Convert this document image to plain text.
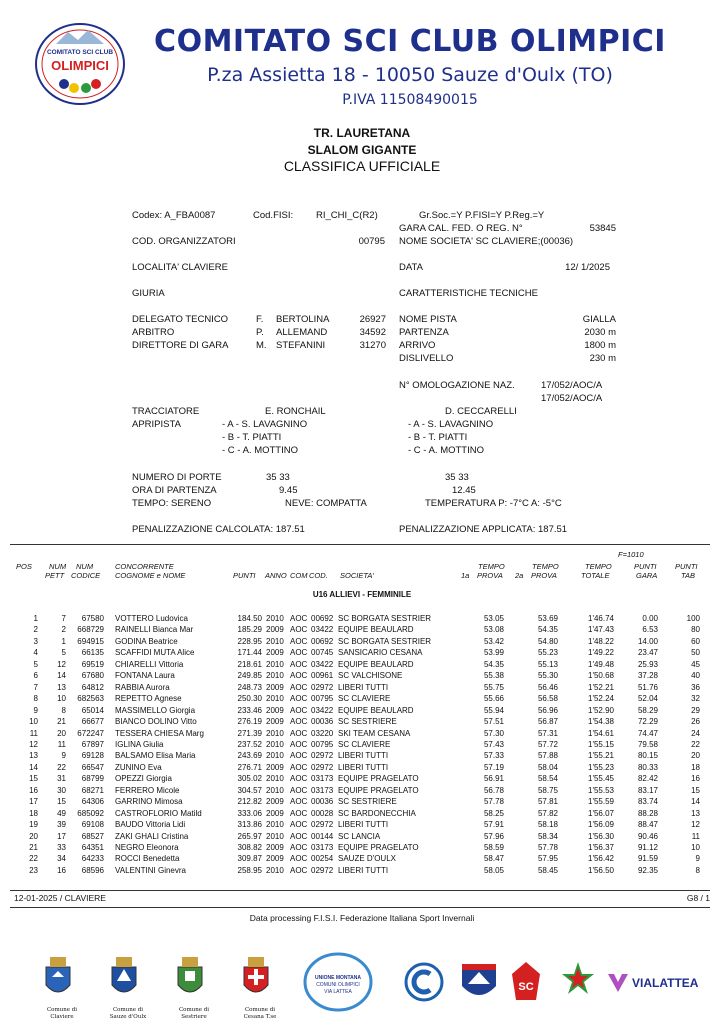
COMITATO SCI CLUB
OLIMPICI
COMITATO SCI CLUB OLIMPICI
P.za Assietta 18 - 10050 Sauze d'Oulx (TO)
P.IVA 11508490015
TR. LAURETANA
SLALOM GIGANTE
CLASSIFICA UFFICIALE
Codex: A_FBA0087	Cod.FISI: RI_CHI_C(R2)	Gr.Soc.=Y P.FISI=Y P.Reg.=Y
GARA CAL. FED. O REG. N°	53845
COD. ORGANIZZATORI	00795 NOME SOCIETA' SC CLAVIERE;(00036)
LOCALITA' CLAVIERE	DATA	12/ 1/2025
GIURIA	CARATTERISTICHE TECNICHE
DELEGATO TECNICO	F. BERTOLINA	26927
ARBITRO	P. ALLEMAND	34592
DIRETTORE DI GARA	M. STEFANINI	31270
NOME PISTA	GIALLA
PARTENZA	2030 m
ARRIVO	1800 m
DISLIVELLO	230 m
N° OMOLOGAZIONE NAZ.	17/052/AOC/A
17/052/AOC/A
TRACCIATORE	E. RONCHAIL	D. CECCARELLI
APRIPISTA	- A - S. LAVAGNINO
- B - T. PIATTI
- C - A. MOTTINO
- A - S. LAVAGNINO
- B - T. PIATTI
- C - A. MOTTINO
NUMERO DI PORTE	35 33	35 33
ORA DI PARTENZA	9.45	12.45
TEMPO: SERENO	NEVE: COMPATTA	TEMPERATURA P: -7°C A: -5°C
PENALIZZAZIONE CALCOLATA: 187.51	PENALIZZAZIONE APPLICATA: 187.51
F=1010
POS NUM
PETT
NUM
CODICE
CONCORRENTE
COGNOME e NOME	PUNTI ANNO COM COD. SOCIETA'	1a
TEMPO
PROVA 2a
TEMPO
PROVA
TEMPO
TOTALE
PUNTI
GARA
PUNTI
TAB
U16 ALLIEVI - FEMMINILE
1	7	67580 VOTTERO Ludovica	184.50 2010 AOC 00692 SC BORGATA SESTRIER	53.05	53.69	1'46.74	0.00	100
2	2	668729 RAINELLI Bianca Mar	185.29 2009 AOC 03422 EQUIPE BEAULARD	53.08	54.35	1'47.43	6.53	80
3	1	694915 GODINA Beatrice	228.95 2010 AOC 00692 SC BORGATA SESTRIER	53.42	54.80	1'48.22	14.00	60
4	5	66135 SCAFFIDI MUTA Alice	171.44 2009 AOC 00745 SANSICARIO CESANA	53.99	55.23	1'49.22	23.47	50
5	12	69519 CHIARELLI Vittoria	218.61 2010 AOC 03422 EQUIPE BEAULARD	54.35	55.13	1'49.48	25.93	45
6	14	67680 FONTANA Laura	249.85 2010 AOC 00961 SC VALCHISONE	55.38	55.30	1'50.68	37.28	40
7	13	64812 RABBIA Aurora	248.73 2009 AOC 02972 LIBERI TUTTI	55.75	56.46	1'52.21	51.76	36
8	10	682563 REPETTO Agnese	250.30 2010 AOC 00795 SC CLAVIERE	55.66	56.58	1'52.24	52.04	32
9	8	65014 MASSIMELLO Giorgia	233.46 2009 AOC 03422 EQUIPE BEAULARD	55.94	56.96	1'52.90	58.29	29
10	21	66677 BIANCO DOLINO Vitto	276.19 2009 AOC 00036 SC SESTRIERE	57.51	56.87	1'54.38	72.29	26
11	20	672247 TESSERA CHIESA Marg	271.39 2010 AOC 03220 SKI TEAM CESANA	57.30	57.31	1'54.61	74.47	24
12	11	67897 IGLINA Giulia	237.52 2010 AOC 00795 SC CLAVIERE	57.43	57.72	1'55.15	79.58	22
13	9	69128 BALSAMO Elisa Maria	243.69 2010 AOC 02972 LIBERI TUTTI	57.33	57.88	1'55.21	80.15	20
14	22	66547 ZUNINO Eva	276.71 2009 AOC 02972 LIBERI TUTTI	57.19	58.04	1'55.23	80.33	18
15	31	68799 OPEZZI Giorgia	305.02 2010 AOC 03173 EQUIPE PRAGELATO	56.91	58.54	1'55.45	82.42	16
16	30	68271 FERRERO Micole	304.57 2010 AOC 03173 EQUIPE PRAGELATO	56.78	58.75	1'55.53	83.17	15
17	15	64306 GARRINO Mimosa	212.82 2009 AOC 00036 SC SESTRIERE	57.78	57.81	1'55.59	83.74	14
18	49	685092 CASTROFLORIO Matild	333.06 2009 AOC 00028 SC BARDONECCHIA	58.25	57.82	1'56.07	88.28	13
19	39	69108 BAUDO Vittoria Lidi	313.86 2010 AOC 02972 LIBERI TUTTI	57.91	58.18	1'56.09	88.47	12
20	17	68527 ZAKI GHALI Cristina	265.97 2010 AOC 00144 SC LANCIA	57.96	58.34	1'56.30	90.46	11
21	33	64351 NEGRO Eleonora	308.82 2009 AOC 03173 EQUIPE PRAGELATO	58.59	57.78	1'56.37	91.12	10
22	34	64233 ROCCI Benedetta	309.87 2009 AOC 00254 SAUZE D'OULX	58.47	57.95	1'56.42	91.59	9
23	16	68596 VALENTINI Ginevra	258.95 2010 AOC 02972 LIBERI TUTTI	58.05	58.45	1'56.50	92.35	8
12-01-2025 / CLAVIERE	G8 / 1
Data processing F.I.S.I. Federazione Italiana Sport Invernali
Comune di
Claviere
Comune di
Sauze d'Oulx
Comune di
Sestriere
Comune di
Cesana T.se
UNIONE MONTANA
COMUNI OLIMPICI
VIA LATTEA	SC	VIALATTEA
